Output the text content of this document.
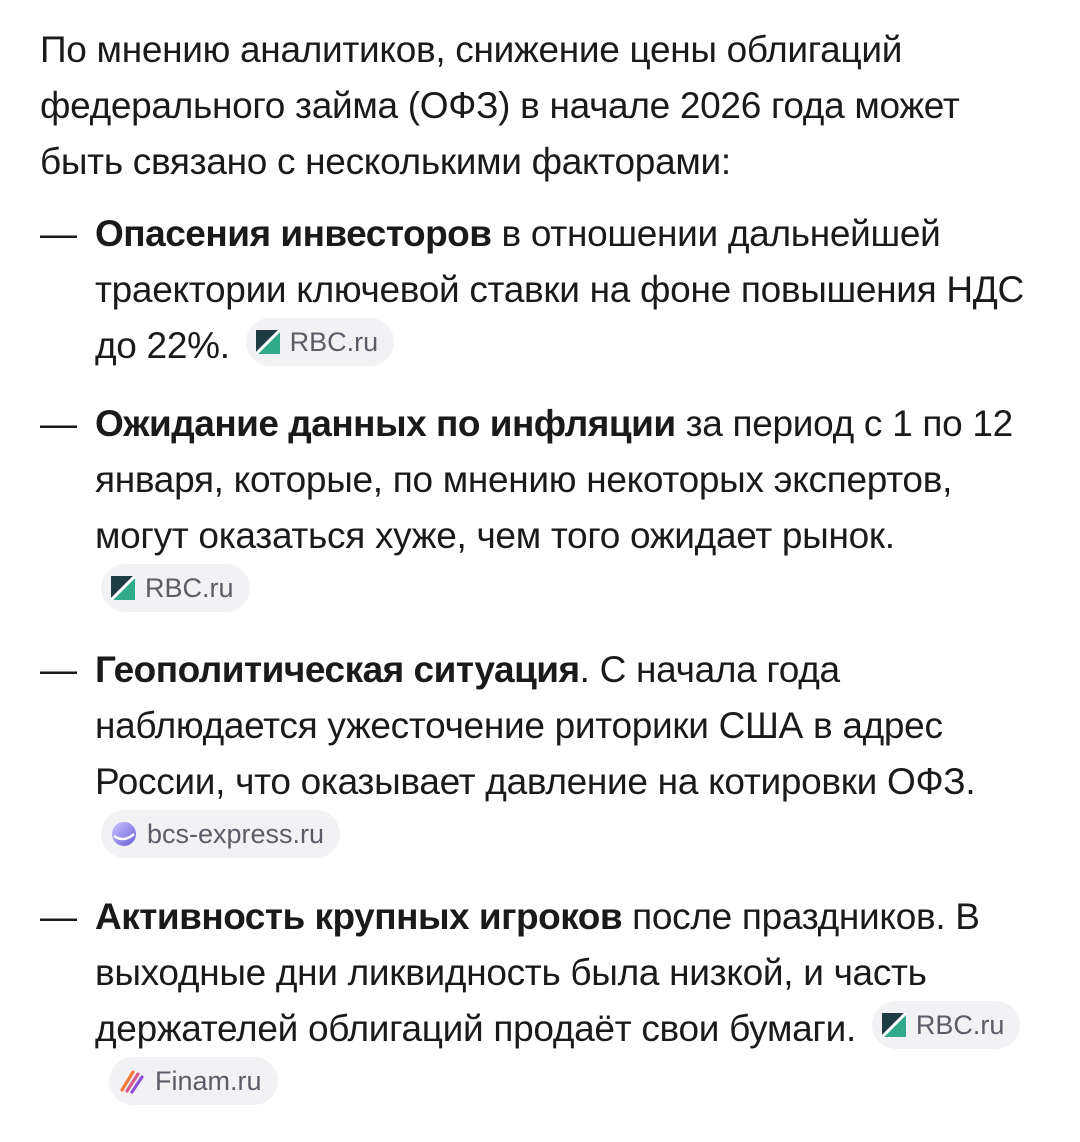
По мнению аналитиков, снижение цены облигаций федерального займа (ОФЗ) в начале 2026 года может быть связано с несколькими факторами:

— Опасения инвесторов в отношении дальнейшей траектории ключевой ставки на фоне повышения НДС до 22%. RBC.ru
— Ожидание данных по инфляции за период с 1 по 12 января, которые, по мнению некоторых экспертов, могут оказаться хуже, чем того ожидает рынок.
RBC.ru
— Геополитическая ситуация. С начала года наблюдается ужесточение риторики США в адрес России, что оказывает давление на котировки ОФЗ.
bcs-express.ru
— Активность крупных игроков после праздников. В выходные дни ликвидность была низкой, и часть держателей облигаций продаёт свои бумаги. RBC.ru
Finam.ru
